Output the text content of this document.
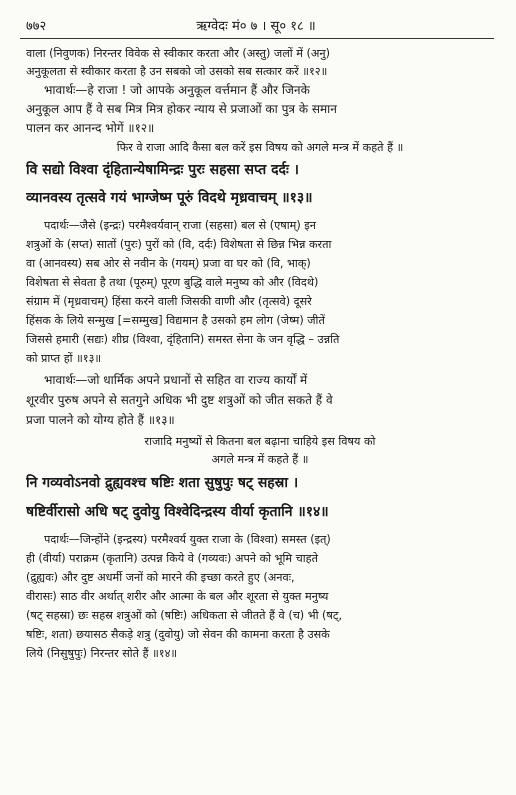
७७२	ऋग्वेदः मं० ७ । सू० १८ ॥
वाला (निवुणक) निरन्तर विवेक से स्वीकार करता और (अस्तु) जलों में (अनु)
अनुकूलता से स्वीकार करता है उन सबको जो उसको सब सत्कार करें ॥१२॥
भावार्थः—हे राजा ! जो आपके अनुकूल वर्त्तमान हैं और जिनके
अनुकूल आप हैं वे सब मित्र मित्र होकर न्याय से प्रजाओं का पुत्र के समान
पालन कर आनन्द भोगें ॥१२॥
फिर वे राजा आदि कैसा बल करें इस विषय को अगले मन्त्र में कहते हैं ॥
वि सद्यो विश्वा दृंहितान्येषामिन्द्रः पुरः सहसा सप्त दर्दः ।
व्यानवस्य तृत्सवे गयं भाग्जेष्म पूरुं विदथे मृध्रवाचम् ॥१३॥
पदार्थः—जैसे (इन्द्रः) परमैश्वर्यवान् राजा (सहसा) बल से (एषाम्) इन
शत्रुओं के (सप्त) सातों (पुरः) पुरों को (वि, दर्दः) विशेषता से छिन्न भिन्न करता
वा (आनवस्य) सब ओर से नवीन के (गयम्) प्रजा वा घर को (वि, भाक्)
विशेषता से सेवता है तथा (पूरुम्) पूरण बुद्धि वाले मनुष्य को और (विदथे)
संग्राम में (मृध्रवाचम्) हिंसा करने वाली जिसकी वाणी और (तृत्सवे) दूसरे
हिंसक के लिये सन्मुख [=सम्मुख] विद्यमान है उसको हम लोग (जेष्म) जीतें
जिससे हमारी (सद्यः) शीघ्र (विश्वा, दृंहितानि) समस्त सेना के जन वृद्धि – उन्नति
को प्राप्त हों ॥१३॥
भावार्थः—जो धार्मिक अपने प्रधानों से सहित वा राज्य कार्यों में
शूरवीर पुरुष अपने से सतगुने अधिक भी दुष्ट शत्रुओं को जीत सकते हैं वे
प्रजा पालने को योग्य होते हैं ॥१३॥
राजादि मनुष्यों से कितना बल बढ़ाना चाहिये इस विषय को
अगले मन्त्र में कहते हैं ॥
नि गव्यवोऽनवो द्रुह्यवश्च षष्टिः शता सुषुपुः षट् सहस्रा ।
षष्टिर्वीरासो अधि षट् दुवोयु विश्वेदिन्द्रस्य वीर्या कृतानि ॥१४॥
पदार्थः—जिन्होंने (इन्द्रस्य) परमैश्वर्य युक्त राजा के (विश्वा) समस्त (इत्)
ही (वीर्या) पराक्रम (कृतानि) उत्पन्न किये वे (गव्यवः) अपने को भूमि चाहते
(द्रुह्यवः) और दुष्ट अधर्मी जनों को मारने की इच्छा करते हुए (अनवः,
वीरासः) साठ वीर अर्थात् शरीर और आत्मा के बल और शूरता से युक्त मनुष्य
(षट् सहस्रा) छः सहस्र शत्रुओं को (षष्टिः) अधिकता से जीतते हैं वे (च) भी (षट्,
षष्टिः, शता) छयासठ सैकड़े शत्रु (दुवोयु) जो सेवन की कामना करता है उसके
लिये (निसुषुपुः) निरन्तर सोते हैं ॥१४॥
